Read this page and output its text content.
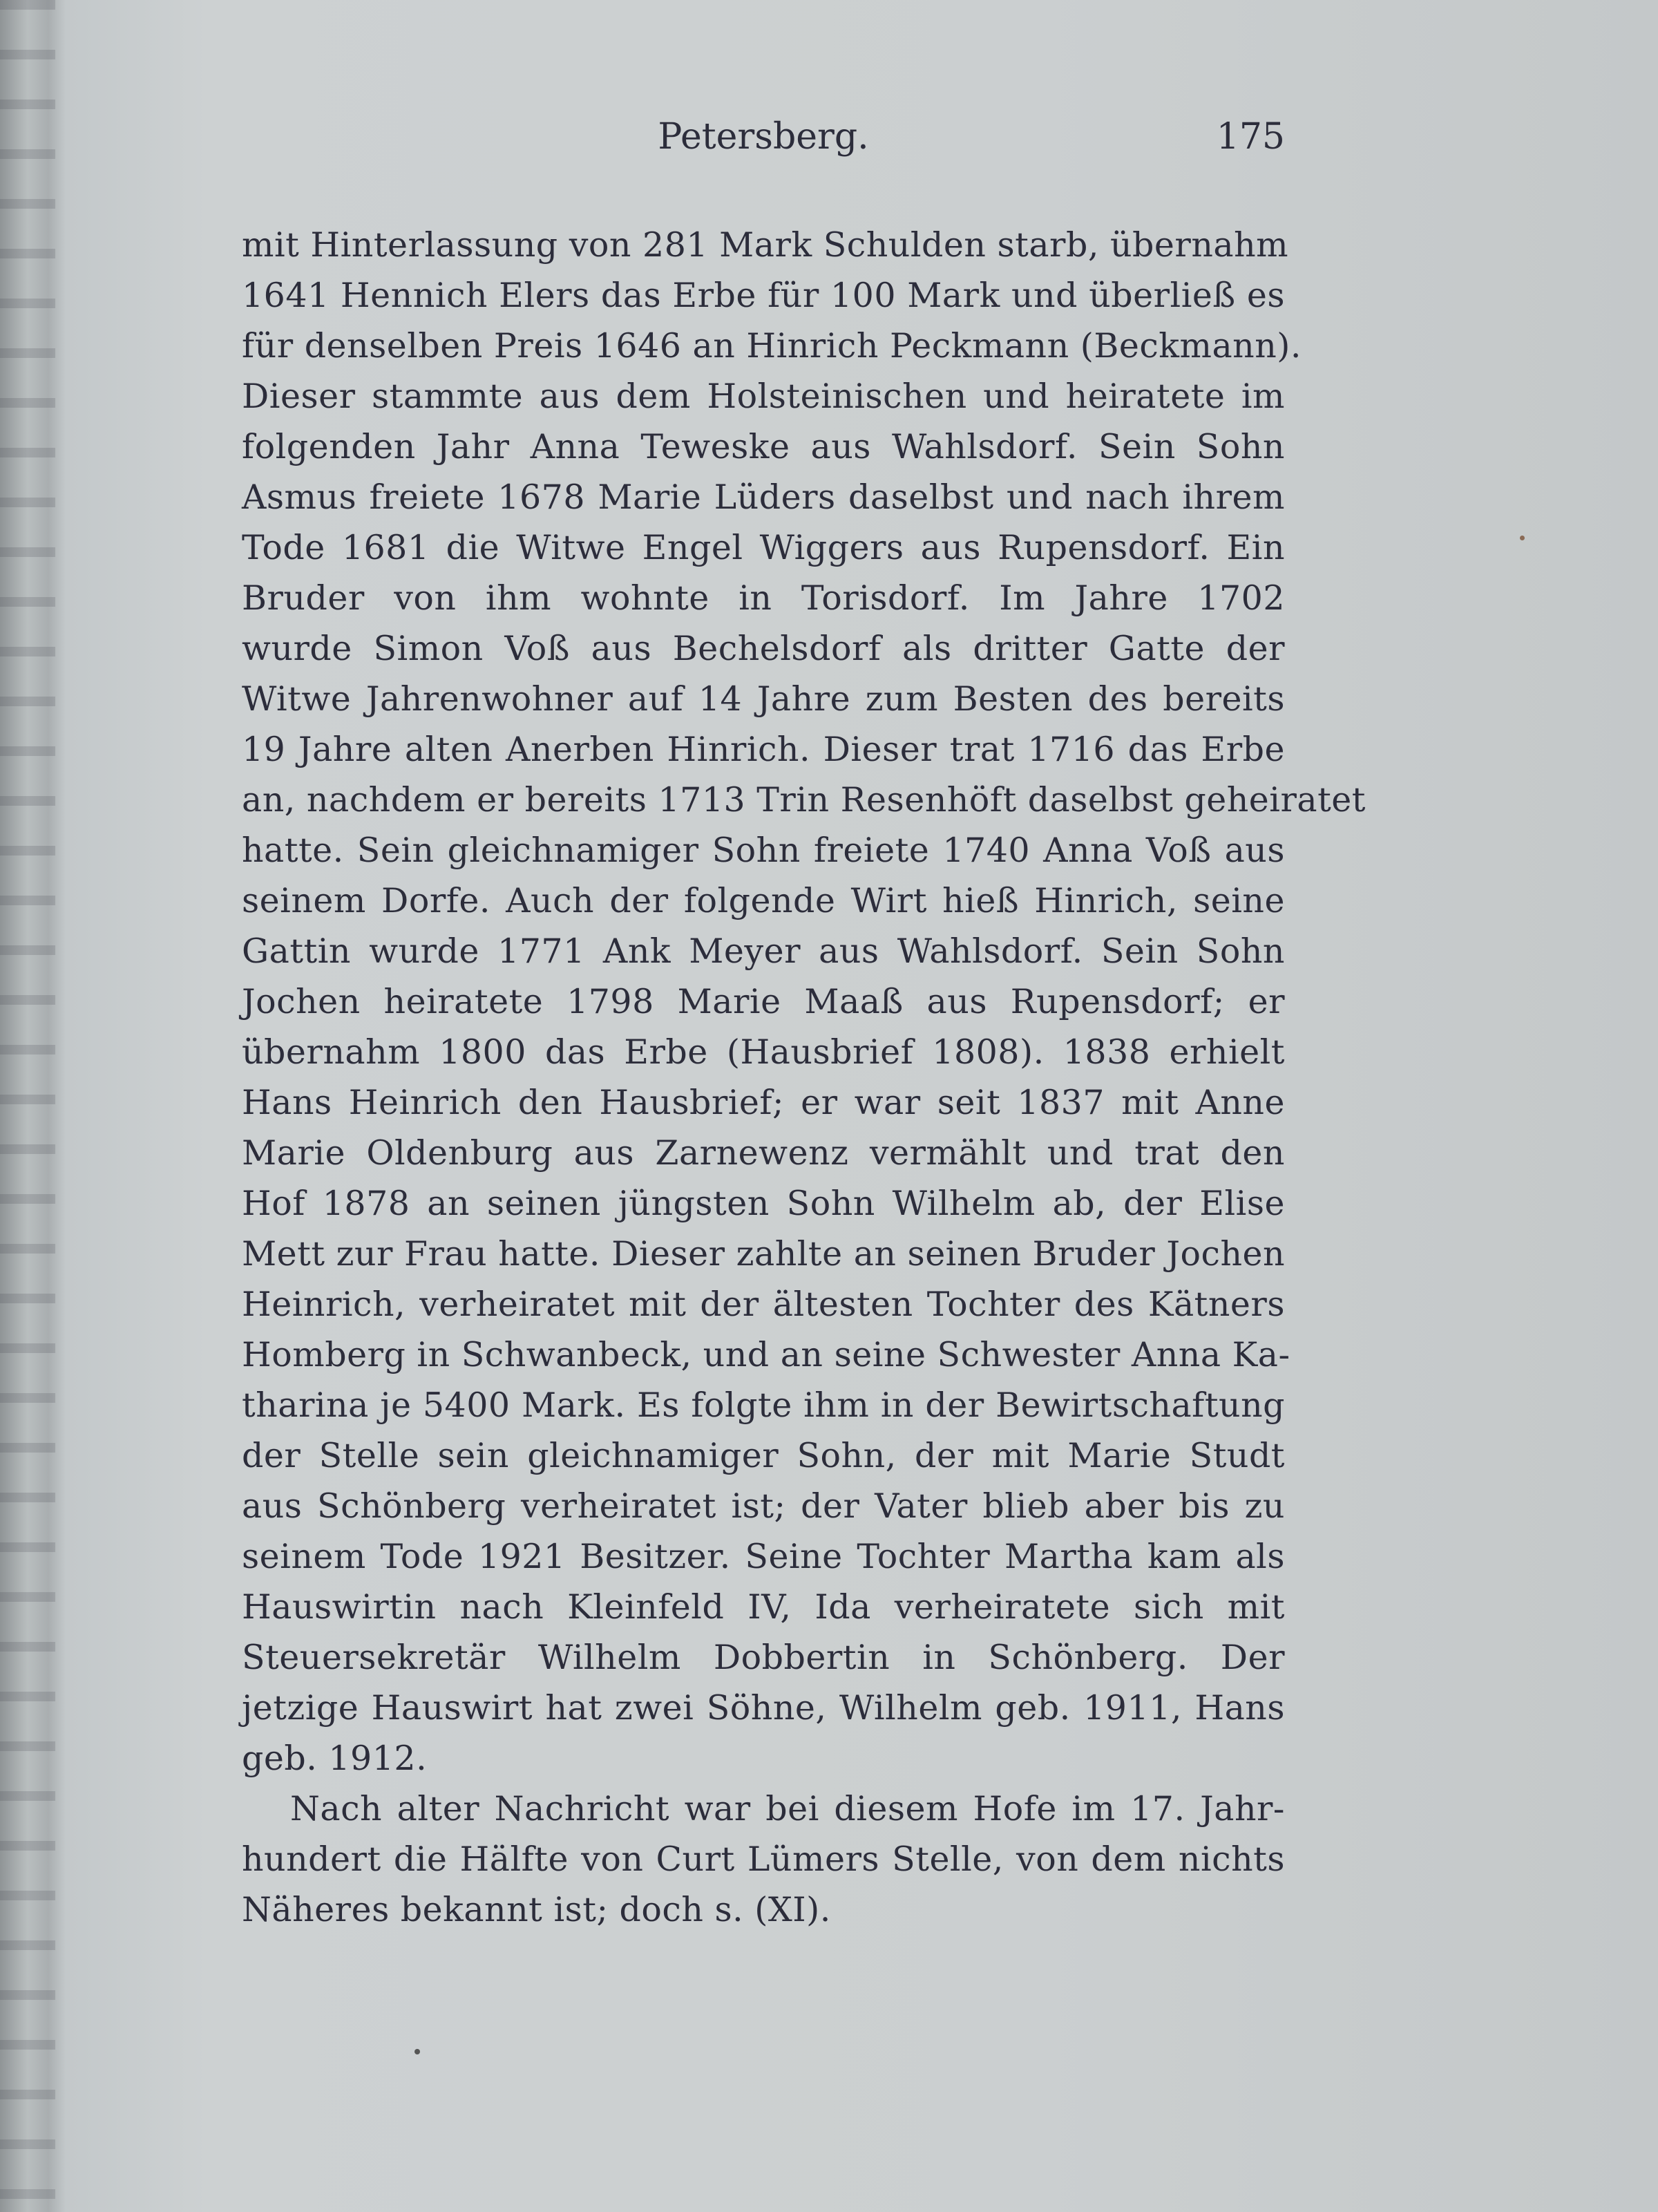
Petersberg.	175
mit Hinterlassung von 281 Mark Schulden starb, übernahm
1641 Hennich Elers das Erbe für 100 Mark und überließ es
für denselben Preis 1646 an Hinrich Peckmann (Beckmann).
Dieser stammte aus dem Holsteinischen und heiratete im
folgenden Jahr Anna Teweske aus Wahlsdorf. Sein Sohn
Asmus freiete 1678 Marie Lüders daselbst und nach ihrem
Tode 1681 die Witwe Engel Wiggers aus Rupensdorf. Ein
Bruder von ihm wohnte in Torisdorf. Im Jahre 1702
wurde Simon Voß aus Bechelsdorf als dritter Gatte der
Witwe Jahrenwohner auf 14 Jahre zum Besten des bereits
19 Jahre alten Anerben Hinrich. Dieser trat 1716 das Erbe
an, nachdem er bereits 1713 Trin Resenhöft daselbst geheiratet
hatte. Sein gleichnamiger Sohn freiete 1740 Anna Voß aus
seinem Dorfe. Auch der folgende Wirt hieß Hinrich, seine
Gattin wurde 1771 Ank Meyer aus Wahlsdorf. Sein Sohn
Jochen heiratete 1798 Marie Maaß aus Rupensdorf; er
übernahm 1800 das Erbe (Hausbrief 1808). 1838 erhielt
Hans Heinrich den Hausbrief; er war seit 1837 mit Anne
Marie Oldenburg aus Zarnewenz vermählt und trat den
Hof 1878 an seinen jüngsten Sohn Wilhelm ab, der Elise
Mett zur Frau hatte. Dieser zahlte an seinen Bruder Jochen
Heinrich, verheiratet mit der ältesten Tochter des Kätners
Homberg in Schwanbeck, und an seine Schwester Anna Ka-
tharina je 5400 Mark. Es folgte ihm in der Bewirtschaftung
der Stelle sein gleichnamiger Sohn, der mit Marie Studt
aus Schönberg verheiratet ist; der Vater blieb aber bis zu
seinem Tode 1921 Besitzer. Seine Tochter Martha kam als
Hauswirtin nach Kleinfeld IV, Ida verheiratete sich mit
Steuersekretär Wilhelm Dobbertin in Schönberg. Der
jetzige Hauswirt hat zwei Söhne, Wilhelm geb. 1911, Hans
geb. 1912.
Nach alter Nachricht war bei diesem Hofe im 17. Jahr-
hundert die Hälfte von Curt Lümers Stelle, von dem nichts
Näheres bekannt ist; doch s. (XI).
